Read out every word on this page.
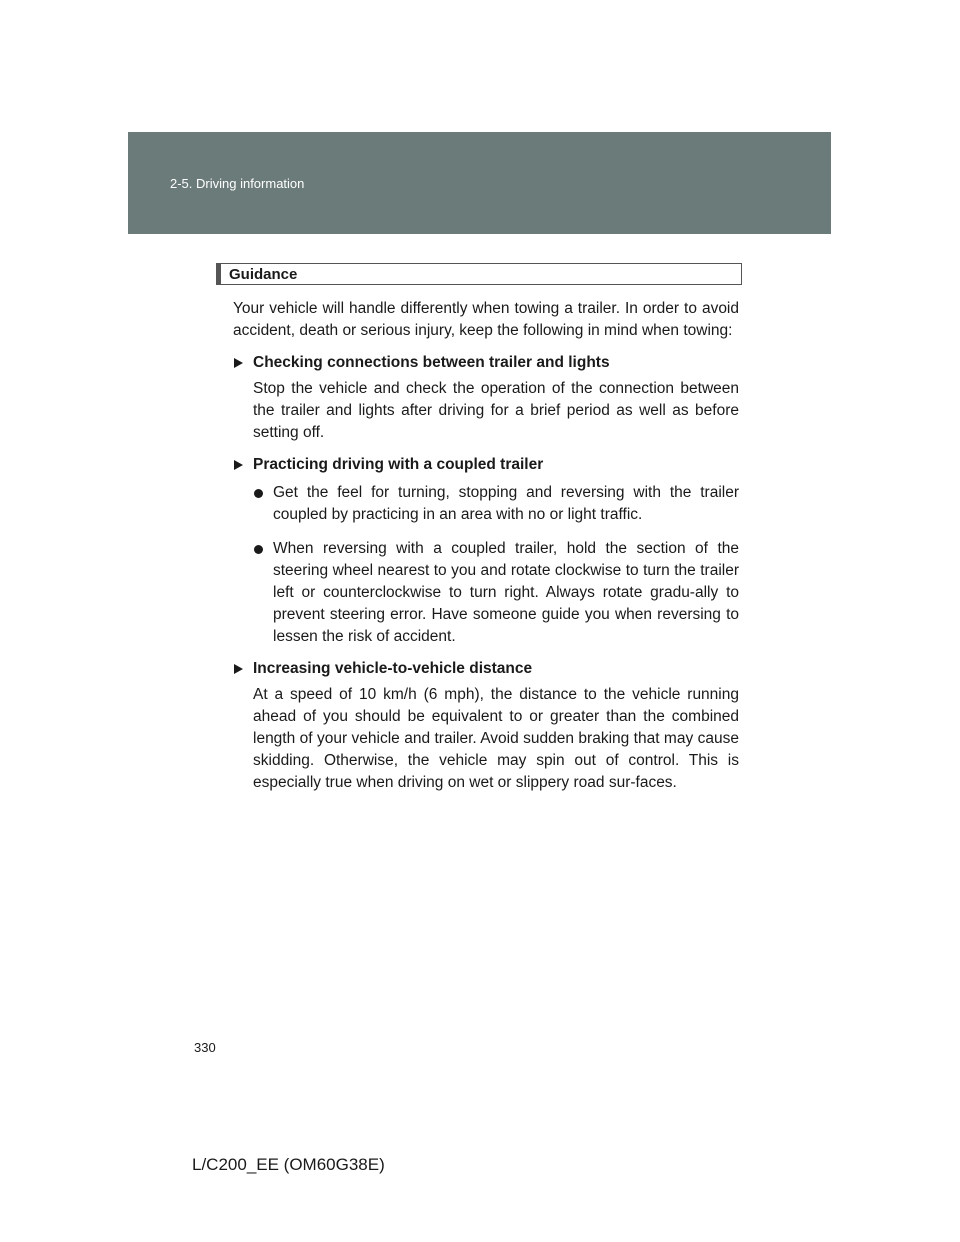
2-5. Driving information
Guidance

Your vehicle will handle differently when towing a trailer. In order to avoid accident, death or serious injury, keep the following in mind when towing:

Checking connections between trailer and lights

Stop the vehicle and check the operation of the connection between the trailer and lights after driving for a brief period as well as before setting off.

Practicing driving with a coupled trailer

Get the feel for turning, stopping and reversing with the trailer coupled by practicing in an area with no or light traffic.

When reversing with a coupled trailer, hold the section of the steering wheel nearest to you and rotate clockwise to turn the trailer left or counterclockwise to turn right. Always rotate gradu-ally to prevent steering error. Have someone guide you when reversing to lessen the risk of accident.

Increasing vehicle-to-vehicle distance

At a speed of 10 km/h (6 mph), the distance to the vehicle running ahead of you should be equivalent to or greater than the combined length of your vehicle and trailer. Avoid sudden braking that may cause skidding. Otherwise, the vehicle may spin out of control. This is especially true when driving on wet or slippery road sur-faces.

330
L/C200_EE (OM60G38E)
